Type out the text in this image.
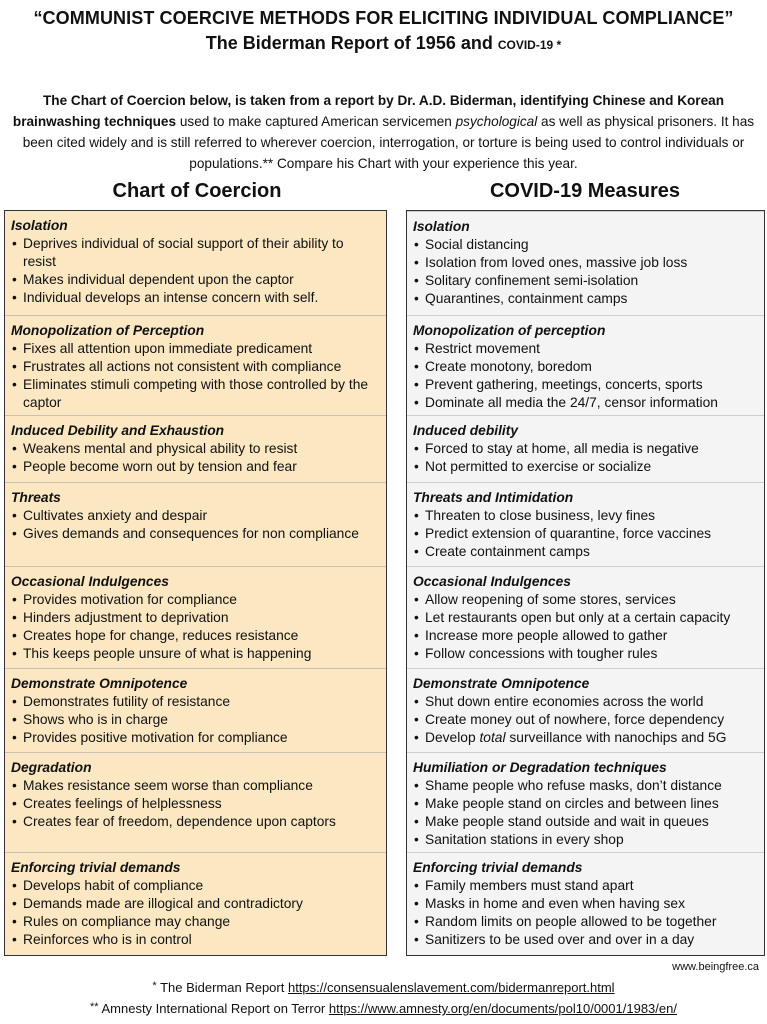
“COMMUNIST COERCIVE METHODS FOR ELICITING INDIVIDUAL COMPLIANCE”
The Biderman Report of 1956 and COVID-19 *
The Chart of Coercion below, is taken from a report by Dr. A.D. Biderman, identifying Chinese and Korean brainwashing techniques used to make captured American servicemen psychological as well as physical prisoners. It has been cited widely and is still referred to wherever coercion, interrogation, or torture is being used to control individuals or populations.** Compare his Chart with your experience this year.
Chart of Coercion	COVID-19 Measures
Isolation
• Deprives individual of social support of their ability to resist
• Makes individual dependent upon the captor
• Individual develops an intense concern with self.
Monopolization of Perception
• Fixes all attention upon immediate predicament
• Frustrates all actions not consistent with compliance
• Eliminates stimuli competing with those controlled by the captor
Induced Debility and Exhaustion
• Weakens mental and physical ability to resist
• People become worn out by tension and fear
Threats
• Cultivates anxiety and despair
• Gives demands and consequences for non compliance
Occasional Indulgences
• Provides motivation for compliance
• Hinders adjustment to deprivation
• Creates hope for change, reduces resistance
• This keeps people unsure of what is happening
Demonstrate Omnipotence
• Demonstrates futility of resistance
• Shows who is in charge
• Provides positive motivation for compliance
Degradation
• Makes resistance seem worse than compliance
• Creates feelings of helplessness
• Creates fear of freedom, dependence upon captors
Enforcing trivial demands
• Develops habit of compliance
• Demands made are illogical and contradictory
• Rules on compliance may change
• Reinforces who is in control
Isolation
• Social distancing
• Isolation from loved ones, massive job loss
• Solitary confinement semi-isolation
• Quarantines, containment camps
Monopolization of perception
• Restrict movement
• Create monotony, boredom
• Prevent gathering, meetings, concerts, sports
• Dominate all media the 24/7, censor information
Induced debility
• Forced to stay at home, all media is negative
• Not permitted to exercise or socialize
Threats and Intimidation
• Threaten to close business, levy fines
• Predict extension of quarantine, force vaccines
• Create containment camps
Occasional Indulgences
• Allow reopening of some stores, services
• Let restaurants open but only at a certain capacity
• Increase more people allowed to gather
• Follow concessions with tougher rules
Demonstrate Omnipotence
• Shut down entire economies across the world
• Create money out of nowhere, force dependency
• Develop total surveillance with nanochips and 5G
Humiliation or Degradation techniques
• Shame people who refuse masks, don’t distance
• Make people stand on circles and between lines
• Make people stand outside and wait in queues
• Sanitation stations in every shop
Enforcing trivial demands
• Family members must stand apart
• Masks in home and even when having sex
• Random limits on people allowed to be together
• Sanitizers to be used over and over in a day
www.beingfree.ca
* The Biderman Report https://consensualenslavement.com/bidermanreport.html
** Amnesty International Report on Terror https://www.amnesty.org/en/documents/pol10/0001/1983/en/
